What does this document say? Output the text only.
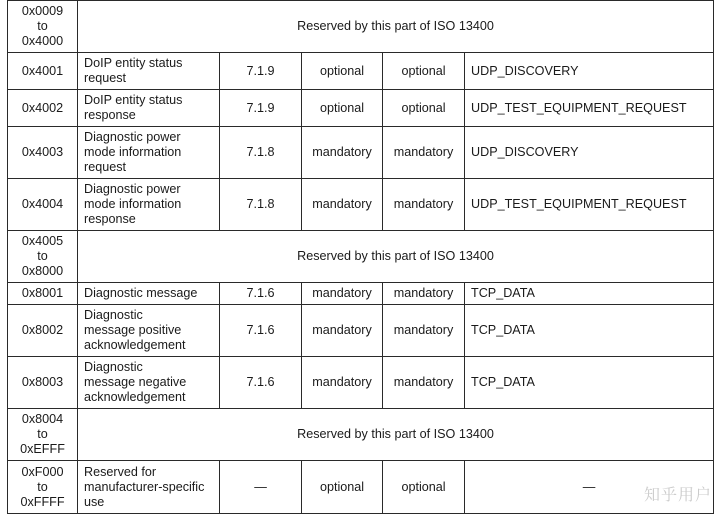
0x0009
to
0x4000	Reserved by this part of ISO 13400				

0x4001	DoIP entity status
request	7.1.9	optional	optional	UDP_DISCOVERY

0x4002	DoIP entity status
response	7.1.9	optional	optional	UDP_TEST_EQUIPMENT_REQUEST

0x4003	Diagnostic power
mode information
request	7.1.8	mandatory	mandatory	UDP_DISCOVERY

0x4004	Diagnostic power
mode information
response	7.1.8	mandatory	mandatory	UDP_TEST_EQUIPMENT_REQUEST

0x4005
to
0x8000	Reserved by this part of ISO 13400				

0x8001	Diagnostic message	7.1.6	mandatory	mandatory	TCP_DATA

0x8002	Diagnostic
message positive
acknowledgement	7.1.6	mandatory	mandatory	TCP_DATA

0x8003	Diagnostic
message negative
acknowledgement	7.1.6	mandatory	mandatory	TCP_DATA

0x8004
to
0xEFFF	Reserved by this part of ISO 13400				

0xF000
to
0xFFFF	Reserved for
manufacturer-specific
use	—	optional	optional	—	知乎用户
